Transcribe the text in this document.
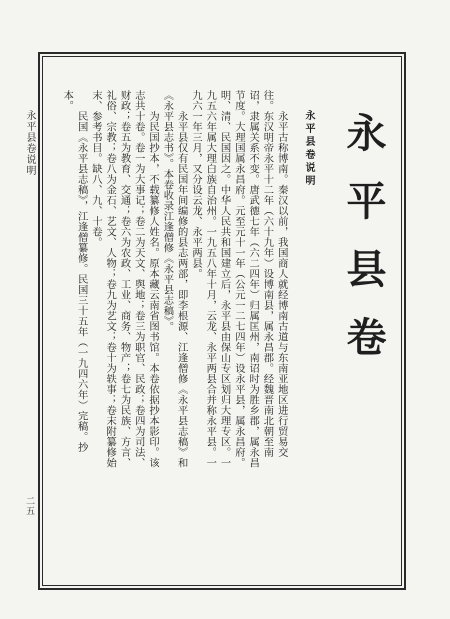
永平县卷说明
二五
永平县卷
永平县卷说明

永平古称博南。秦汉以前，我国商人就经博南古道与东南亚地区进行贸易交往。东汉明帝永平十二年（六十九年）设博南县，属永昌郡。经魏晋南北朝至南诏，隶属关系不变。唐武德七年（六二四年）归属匡州，南诏时为胜乡郡，属永昌节度。大理国属永昌府。元至元十一年（公元一二七四年）设永平县，属永昌府。明、清、民国因之。中华人民共和国建立后，永平县由保山专区划归大理专区。一九五六年属大理白族自治州。一九五八年十月，云龙、永平两县合并称永平县。一九六一年三月，又分设云龙、永平两县。

永平县仅有民国年间编修的县志两部，即李根源、江逢僧修《永平县志稿》和《永平县志书》。本卷收录江逢僧修《永平县志稿》。

为民国抄本，不载纂修人姓名。原本藏云南省图书馆。本卷依据抄本影印。该志共十卷。卷一为大事记；卷二为天文、舆地；卷三为职官、民政；卷四为司法、财政；卷五为教育、交通；卷六为农政、工业、商务、物产；卷七为民族、方言、礼俗、宗教；卷八为金石、艺文、人物；卷九为艺文；卷十为轶事；卷末附纂修始末、参考书目。缺八、九、十卷。

民国《永平县志稿》，江逢僧纂修。民国三十五年（一九四六年）完稿。抄本。
